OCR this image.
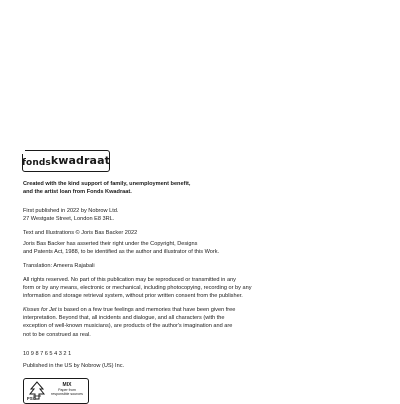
fonds kwadraat
Created with the kind support of family, unemployment benefit,
and the artist loan from Fonds Kwadraat.
First published in 2022 by Nobrow Ltd.
27 Westgate Street, London E8 3RL.
Text and Illustrations © Joris Bas Backer 2022
Joris Bas Backer has asserted their right under the Copyright, Designs
and Patents Act, 1988, to be identified as the author and illustrator of this Work.
Translation: Ameera Rajabali
All rights reserved. No part of this publication may be reproduced or transmitted in any
form or by any means, electronic or mechanical, including photocopying, recording or by any
information and storage retrieval system, without prior written consent from the publisher.
Kisses for Jet is based on a few true feelings and memories that have been given free
interpretation. Beyond that, all incidents and dialogue, and all characters (with the
exception of well-known musicians), are products of the author's imagination and are
not to be construed as real.
10 9 8 7 6 5 4 3 2 1
Published in the US by Nobrow (US) Inc.
MIX
Paper from
responsible sources
FSC
